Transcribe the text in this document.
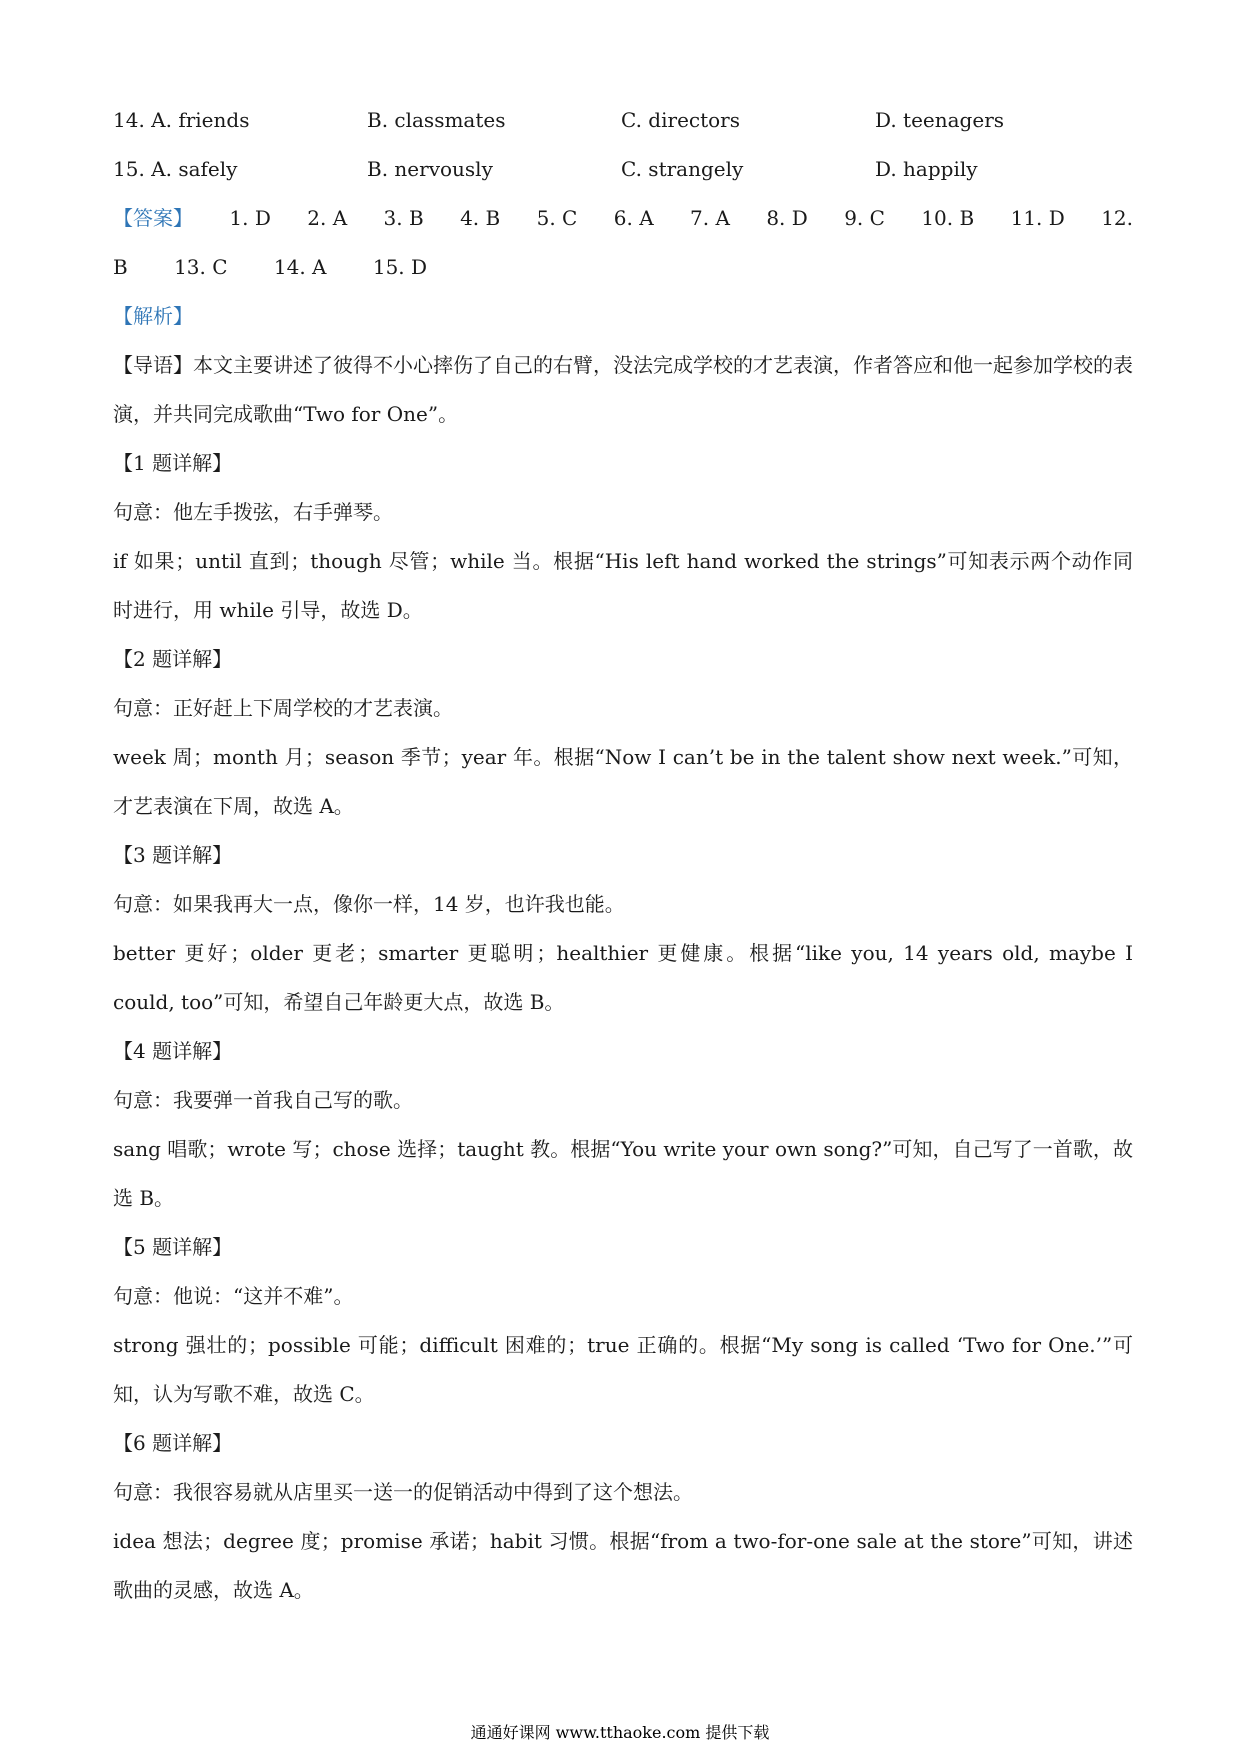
14. A. friends	B. classmates	C. directors	D. teenagers
15. A. safely	B. nervously	C. strangely	D. happily
【答案】 1. D 2. A 3. B 4. B 5. C 6. A 7. A 8. D 9. C 10. B 11. D 12.
B 13. C 14. A 15. D
【解析】
【导语】本文主要讲述了彼得不小心摔伤了自己的右臂，没法完成学校的才艺表演，作者答应和他一起参加学校的表演，并共同完成歌曲“Two for One”。
【1 题详解】
句意：他左手拨弦，右手弹琴。
if 如果；until 直到；though 尽管；while 当。根据“His left hand worked the strings”可知表示两个动作同时进行，用 while 引导，故选 D。
【2 题详解】
句意：正好赶上下周学校的才艺表演。
week 周；month 月；season 季节；year 年。根据“Now I can’t be in the talent show next week.”可知，才艺表演在下周，故选 A。
【3 题详解】
句意：如果我再大一点，像你一样，14 岁，也许我也能。
better 更好；older 更老；smarter 更聪明；healthier 更健康。根据“like you, 14 years old, maybe I could, too”可知，希望自己年龄更大点，故选 B。
【4 题详解】
句意：我要弹一首我自己写的歌。
sang 唱歌；wrote 写；chose 选择；taught 教。根据“You write your own song?”可知，自己写了一首歌，故选 B。
【5 题详解】
句意：他说：“这并不难”。
strong 强壮的；possible 可能；difficult 困难的；true 正确的。根据“My song is called ‘Two for One.’”可知，认为写歌不难，故选 C。
【6 题详解】
句意：我很容易就从店里买一送一的促销活动中得到了这个想法。
idea 想法；degree 度；promise 承诺；habit 习惯。根据“from a two-for-one sale at the store”可知，讲述歌曲的灵感，故选 A。
通通好课网 www.tthaoke.com 提供下载
